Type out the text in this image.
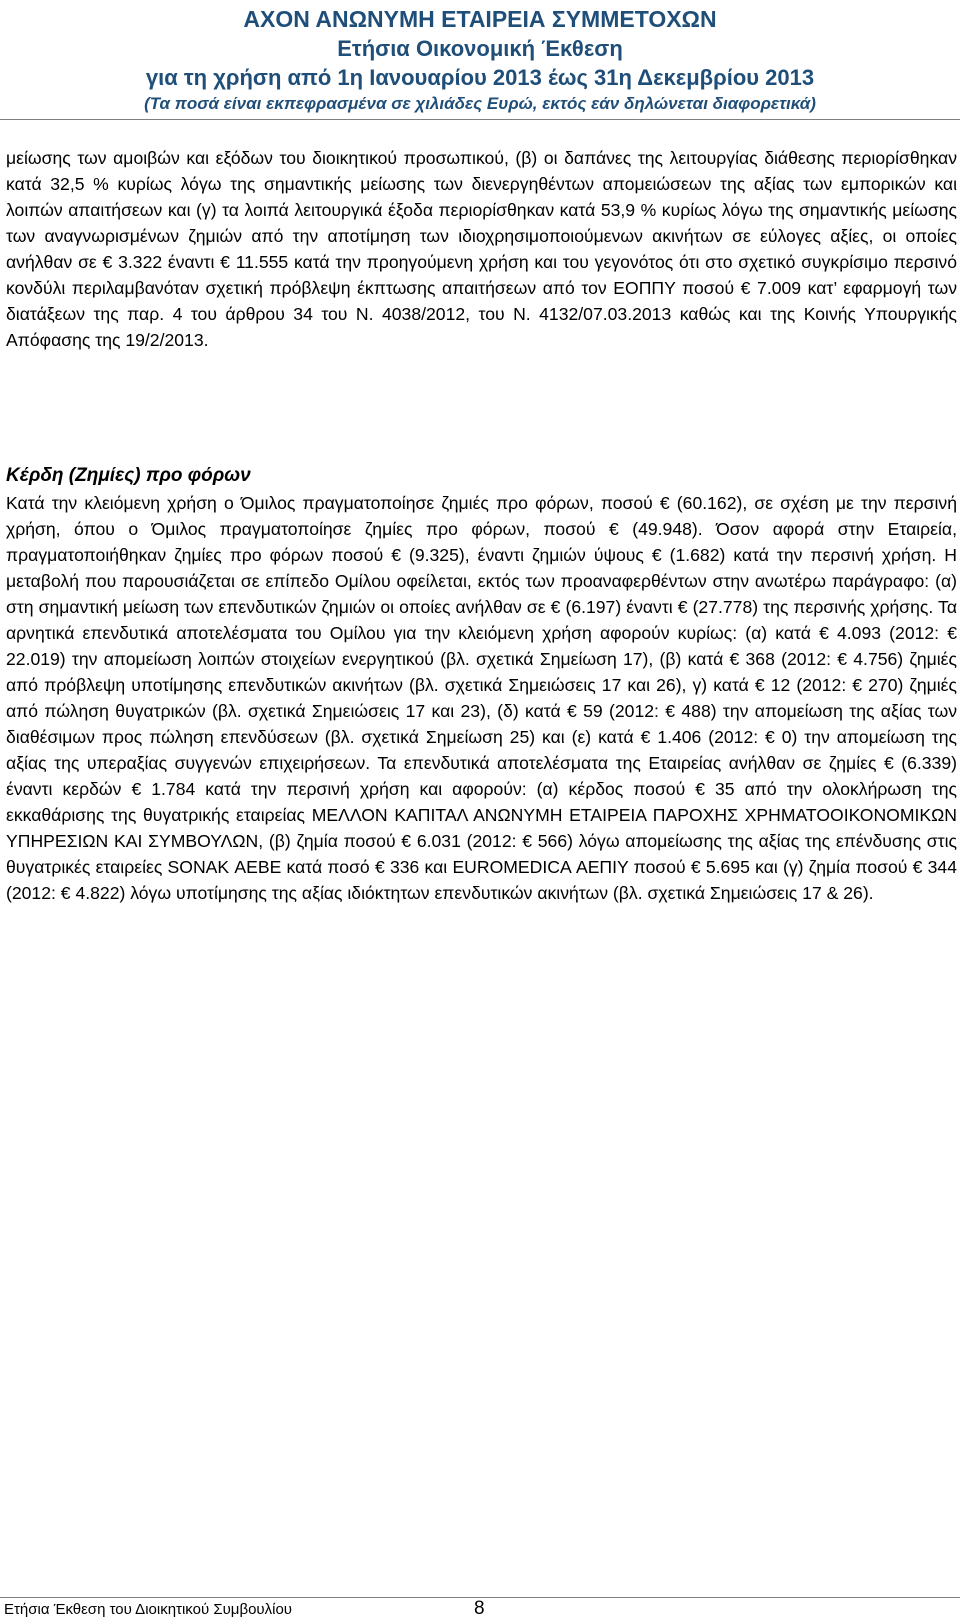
ΑΧΟΝ ΑΝΩΝΥΜΗ ΕΤΑΙΡΕΙΑ ΣΥΜΜΕΤΟΧΩΝ
Ετήσια Οικονομική Έκθεση
για τη χρήση από 1η Ιανουαρίου 2013 έως 31η Δεκεμβρίου 2013
(Τα ποσά είναι εκπεφρασμένα σε χιλιάδες Ευρώ, εκτός εάν δηλώνεται διαφορετικά)

μείωσης των αμοιβών και εξόδων του διοικητικού προσωπικού, (β) οι δαπάνες της λειτουργίας διάθεσης περιορίσθηκαν κατά 32,5 % κυρίως λόγω της σημαντικής μείωσης των διενεργηθέντων απομειώσεων της αξίας των εμπορικών και λοιπών απαιτήσεων και (γ) τα λοιπά λειτουργικά έξοδα περιορίσθηκαν κατά 53,9 % κυρίως λόγω της σημαντικής μείωσης των αναγνωρισμένων ζημιών από την αποτίμηση των ιδιοχρησιμοποιούμενων ακινήτων σε εύλογες αξίες, οι οποίες ανήλθαν σε € 3.322 έναντι € 11.555 κατά την προηγούμενη χρήση και του γεγονότος ότι στο σχετικό συγκρίσιμο περσινό κονδύλι περιλαμβανόταν σχετική πρόβλεψη έκπτωσης απαιτήσεων από τον ΕΟΠΠΥ ποσού € 7.009 κατ’ εφαρμογή των διατάξεων της παρ. 4 του άρθρου 34 του Ν. 4038/2012, του Ν. 4132/07.03.2013 καθώς και της Κοινής Υπουργικής Απόφασης της 19/2/2013.

Κέρδη (Ζημίες) προ φόρων

Κατά την κλειόμενη χρήση ο Όμιλος πραγματοποίησε ζημιές προ φόρων, ποσού € (60.162), σε σχέση με την περσινή χρήση, όπου ο Όμιλος πραγματοποίησε ζημίες προ φόρων, ποσού € (49.948). Όσον αφορά στην Εταιρεία, πραγματοποιήθηκαν ζημίες προ φόρων ποσού € (9.325), έναντι ζημιών ύψους € (1.682) κατά την περσινή χρήση. Η μεταβολή που παρουσιάζεται σε επίπεδο Ομίλου οφείλεται, εκτός των προαναφερθέντων στην ανωτέρω παράγραφο: (α) στη σημαντική μείωση των επενδυτικών ζημιών οι οποίες ανήλθαν σε € (6.197) έναντι € (27.778) της περσινής χρήσης. Τα αρνητικά επενδυτικά αποτελέσματα του Ομίλου για την κλειόμενη χρήση αφορούν κυρίως: (α) κατά € 4.093 (2012: € 22.019) την απομείωση λοιπών στοιχείων ενεργητικού (βλ. σχετικά Σημείωση 17), (β) κατά € 368 (2012: € 4.756) ζημιές από πρόβλεψη υποτίμησης επενδυτικών ακινήτων (βλ. σχετικά Σημειώσεις 17 και 26), γ) κατά € 12 (2012: € 270) ζημιές από πώληση θυγατρικών (βλ. σχετικά Σημειώσεις 17 και 23), (δ) κατά € 59 (2012: € 488) την απομείωση της αξίας των διαθέσιμων προς πώληση επενδύσεων (βλ. σχετικά Σημείωση 25) και (ε) κατά € 1.406 (2012: € 0) την απομείωση της αξίας της υπεραξίας συγγενών επιχειρήσεων. Τα επενδυτικά αποτελέσματα της Εταιρείας ανήλθαν σε ζημίες € (6.339) έναντι κερδών € 1.784 κατά την περσινή χρήση και αφορούν: (α) κέρδος ποσού € 35 από την ολοκλήρωση της εκκαθάρισης της θυγατρικής εταιρείας ΜΕΛΛΟΝ ΚΑΠΙΤΑΛ ΑΝΩΝΥΜΗ ΕΤΑΙΡΕΙΑ ΠΑΡΟΧΗΣ ΧΡΗΜΑΤΟΟΙΚΟΝΟΜΙΚΩΝ ΥΠΗΡΕΣΙΩΝ ΚΑΙ ΣΥΜΒΟΥΛΩΝ, (β) ζημία ποσού € 6.031 (2012: € 566) λόγω απομείωσης της αξίας της επένδυσης στις θυγατρικές εταιρείες SONAK ΑΕΒΕ κατά ποσό € 336 και EUROMEDICA ΑΕΠΙΥ ποσού € 5.695 και (γ) ζημία ποσού € 344 (2012: € 4.822) λόγω υποτίμησης της αξίας ιδιόκτητων επενδυτικών ακινήτων (βλ. σχετικά Σημειώσεις 17 & 26).

Ετήσια Έκθεση του Διοικητικού Συμβουλίου	8
